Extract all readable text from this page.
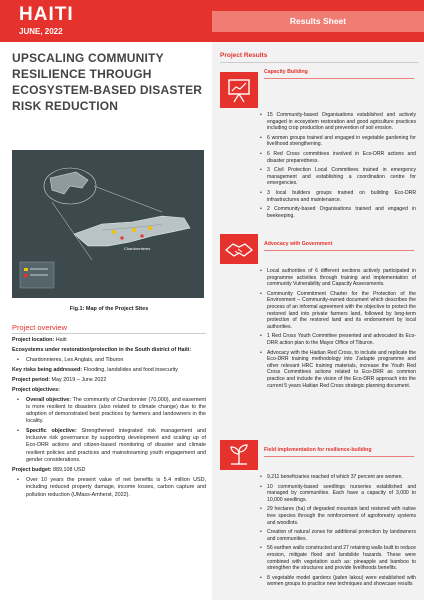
HAITI
JUNE, 2022
Results Sheet
UPSCALING COMMUNITY RESILIENCE THROUGH ECOSYSTEM-BASED DISASTER RISK REDUCTION
Chardonnieres
Fig.1: Map of the Project Sites
Project overview

Project location: Haiti

Ecosystems under restoration/protection in the South district of Haiti:

• Chardonnieres, Les Anglais, and Tiburon

Key risks being addressed: Flooding, landslides and food insecurity

Project period: May 2019 – June 2022

Project objectives:

• Overall objective: The community of Chardonnier (70,000), and easement is more resilient to disasters (also related to climate change) due to the adoption of demonstrated best practices by farmers and landowners in the locality.
• Specific objective: Strengthened integrated risk management and inclusive risk governance by supporting development and scaling up of Eco-DRR actions and citizen-based monitoring of disaster and climate resilient policies and practices and mainstreaming youth engagement and gender considerations.

Project budget: 889,108 USD

• Over 10 years the present value of net benefits is 5.4 million USD, including reduced property damage, income losses, carbon capture and pollution reduction (UMass-Amherst, 2022).
Project Results
Capacity Building
• 15 Community-based Organisations established and actively engaged in ecosystem restoration and good agriculture practices including crop production and prevention of soil erosion.
• 6 women groups trained and engaged in vegetable gardening for livelihood strengthening.
• 6 Red Cross committees involved in Eco-DRR actions and disaster preparedness.
• 3 Civil Protection Local Committees trained in emergency management and establishing a coordination centre for emergencies.
• 3 local builders groups trained on building Eco-DRR infrastructures and maintenance.
• 2 Community-based Organisations trained and engaged in beekeeping.
Advocacy with Government
• Local authorities of 6 different sections actively participated in programme activities through training and implementation of community Vulnerability and Capacity Assessments.
• Community Commitment Charter for the Protection of the Environment – Community-owned document which describes the process of an informal agreement with the objective to protect the restored land into private farmers land, followed by long-term protection of the restored land and its endorsement by local authorities.
• 1 Red Cross Youth Committee presented and advocated its Eco-DRR action plan to the Mayor Office of Tiburon.
• Advocacy with the Haitian Red Cross, to include and replicate the Eco-DRR training methodology into J'adapte programme and other relevant HRC training materials, increase the Youth Red Cross Committees actions related to Eco-DRR as common practice and include the vision of the Eco-DRR approach into the current 5 years Haitian Red Cross strategic planning document.
Field implementation for resilience-building
• 9,211 beneficiaries reached of which 37 percent are women.
• 10 community-based seedlings nurseries established and managed by communities. Each have a capacity of 3,000 to 10,000 seedlings.
• 29 hectares (ha) of degraded mountain land restored with native tree species through the reinforcement of agroforestry systems and woodlots.
• Creation of natural zones for additional protection by landowners and communities.
• 56 earthen walls constructed and 27 retaining walls built to reduce erosion, mitigate flood and landslide hazards. These were combined with vegetation such as: pineapple and bamboo to strengthen the structures and provide livelihoods benefits.
• 8 vegetable model gardens (jaden lakou) were established with women groups to practice new techniques and showcase results
